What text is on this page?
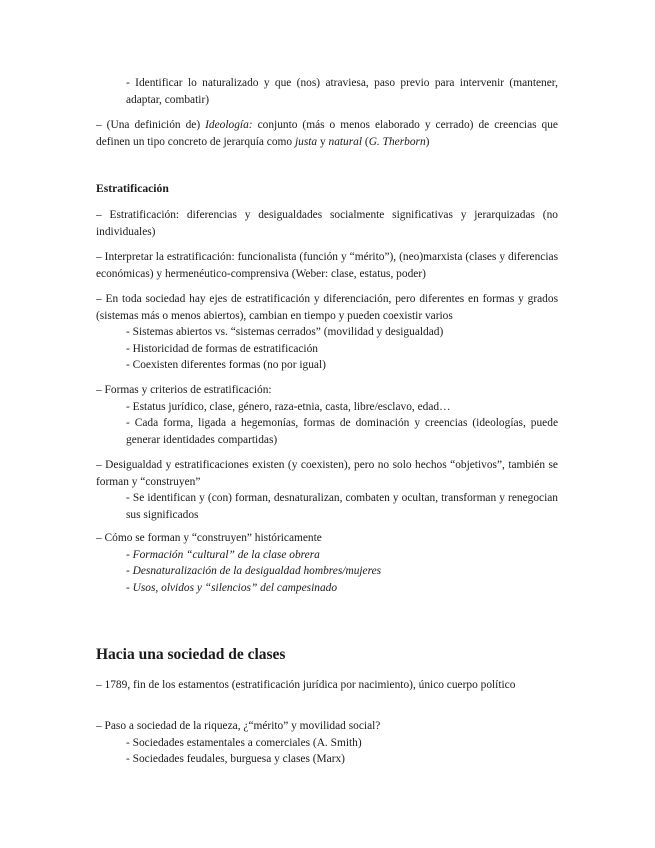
- Identificar lo naturalizado y que (nos) atraviesa, paso previo para intervenir (mantener, adaptar, combatir)

– (Una definición de) Ideología: conjunto (más o menos elaborado y cerrado) de creencias que definen un tipo concreto de jerarquía como justa y natural (G. Therborn)

Estratificación

– Estratificación: diferencias y desigualdades socialmente significativas y jerarquizadas (no individuales)

– Interpretar la estratificación: funcionalista (función y “mérito”), (neo)marxista (clases y diferencias económicas) y hermenéutico-comprensiva (Weber: clase, estatus, poder)

– En toda sociedad hay ejes de estratificación y diferenciación, pero diferentes en formas y grados (sistemas más o menos abiertos), cambian en tiempo y pueden coexistir varios

- Sistemas abiertos vs. “sistemas cerrados” (movilidad y desigualdad)

- Historicidad de formas de estratificación

- Coexisten diferentes formas (no por igual)

– Formas y criterios de estratificación:

- Estatus jurídico, clase, género, raza-etnia, casta, libre/esclavo, edad…

- Cada forma, ligada a hegemonías, formas de dominación y creencias (ideologías, puede generar identidades compartidas)

– Desigualdad y estratificaciones existen (y coexisten), pero no solo hechos “objetivos”, también se forman y “construyen”

- Se identifican y (con) forman, desnaturalizan, combaten y ocultan, transforman y renegocian sus significados

– Cómo se forman y “construyen” históricamente

- Formación “cultural” de la clase obrera

- Desnaturalización de la desigualdad hombres/mujeres

- Usos, olvidos y “silencios” del campesinado

Hacia una sociedad de clases

– 1789, fin de los estamentos (estratificación jurídica por nacimiento), único cuerpo político

– Paso a sociedad de la riqueza, ¿“mérito” y movilidad social?

- Sociedades estamentales a comerciales (A. Smith)

- Sociedades feudales, burguesa y clases (Marx)
